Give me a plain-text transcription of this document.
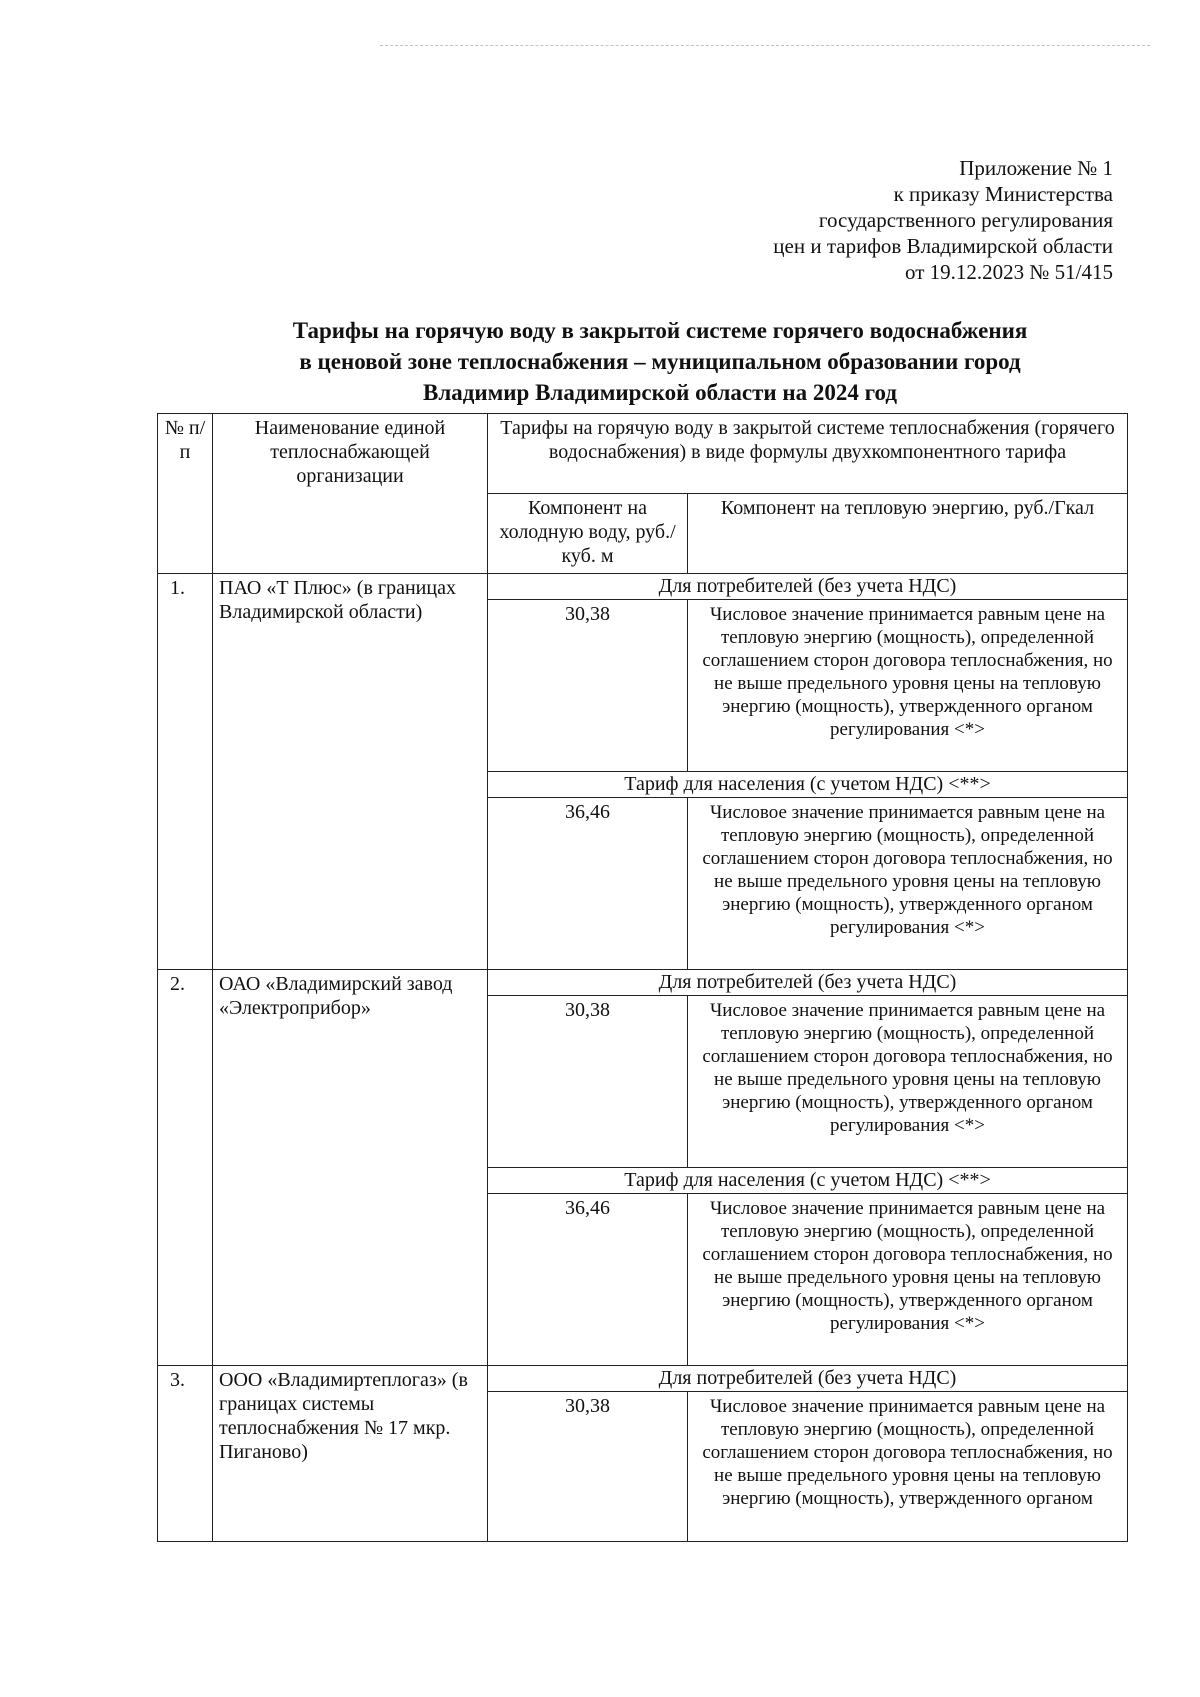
Приложение № 1
к приказу Министерства
государственного регулирования
цен и тарифов Владимирской области
от 19.12.2023 № 51/415
Тарифы на горячую воду в закрытой системе горячего водоснабжения
в ценовой зоне теплоснабжения – муниципальном образовании город
Владимир Владимирской области на 2024 год
№ п/п	Наименование единой теплоснабжающей организации	Тарифы на горячую воду в закрытой системе теплоснабжения (горячего водоснабжения) в виде формулы двухкомпонентного тарифа	
		Компонент на холодную воду, руб./куб. м	Компонент на тепловую энергию, руб./Гкал
1.	ПАО «Т Плюс» (в границах Владимирской области)	Для потребителей (без учета НДС)	
		30,38	Числовое значение принимается равным цене на тепловую энергию (мощность), определенной соглашением сторон договора теплоснабжения, но не выше предельного уровня цены на тепловую энергию (мощность), утвержденного органом регулирования <*>
		Тариф для населения (с учетом НДС) <**>	
		36,46	Числовое значение принимается равным цене на тепловую энергию (мощность), определенной соглашением сторон договора теплоснабжения, но не выше предельного уровня цены на тепловую энергию (мощность), утвержденного органом регулирования <*>
2.	ОАО «Владимирский завод «Электроприбор»	Для потребителей (без учета НДС)	
		30,38	Числовое значение принимается равным цене на тепловую энергию (мощность), определенной соглашением сторон договора теплоснабжения, но не выше предельного уровня цены на тепловую энергию (мощность), утвержденного органом регулирования <*>
		Тариф для населения (с учетом НДС) <**>	
		36,46	Числовое значение принимается равным цене на тепловую энергию (мощность), определенной соглашением сторон договора теплоснабжения, но не выше предельного уровня цены на тепловую энергию (мощность), утвержденного органом регулирования <*>
3.	ООО «Владимиртеплогаз» (в границах системы теплоснабжения № 17 мкр. Пиганово)	Для потребителей (без учета НДС)	
		30,38	Числовое значение принимается равным цене на тепловую энергию (мощность), определенной соглашением сторон договора теплоснабжения, но не выше предельного уровня цены на тепловую энергию (мощность), утвержденного органом
